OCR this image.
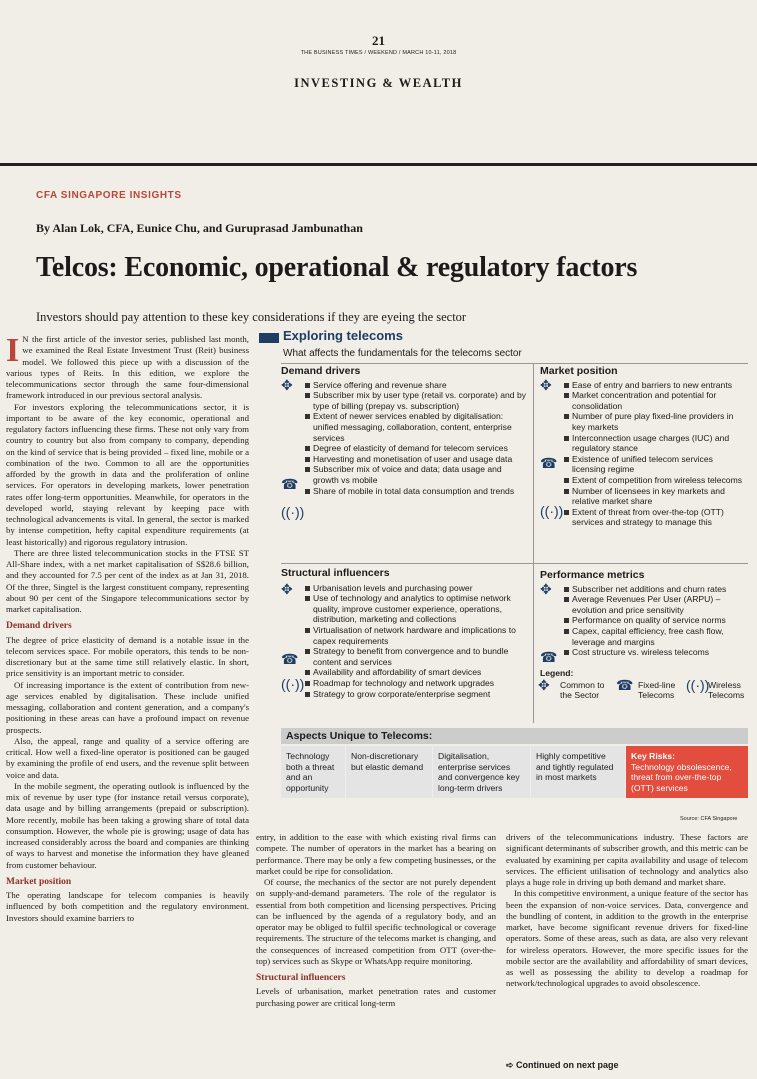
21
THE BUSINESS TIMES / WEEKEND / MARCH 10-11, 2018
INVESTING & WEALTH
CFA SINGAPORE INSIGHTS
By Alan Lok, CFA, Eunice Chu, and Guruprasad Jambunathan
Telcos: Economic, operational & regulatory factors
Investors should pay attention to these key considerations if they are eyeing the sector

I N the first article of the investor series, published last month, we examined the Real Estate Investment Trust (Reit) business model. We followed this piece up with a discussion of the various types of Reits. In this edition, we explore the telecommunications sector through the same four-dimensional framework introduced in our previous sectoral analysis.

For investors exploring the telecommunications sector, it is important to be aware of the key economic, operational and regulatory factors influencing these firms. These not only vary from country to country but also from company to company, depending on the kind of service that is being provided – fixed line, mobile or a combination of the two. Common to all are the opportunities afforded by the growth in data and the proliferation of online services. For operators in developing markets, lower penetration rates offer long-term opportunities. Meanwhile, for operators in the developed world, staying relevant by keeping pace with technological advancements is vital. In general, the sector is marked by intense competition, hefty capital expenditure requirements (at least historically) and rigorous regulatory intrusion.

There are three listed telecommunication stocks in the FTSE ST All-Share index, with a net market capitalisation of S$28.6 billion, and they accounted for 7.5 per cent of the index as at Jan 31, 2018. Of the three, Singtel is the largest constituent company, representing about 90 per cent of the Singapore telecommunications sector by market capitalisation.

Demand drivers

The degree of price elasticity of demand is a notable issue in the telecom services space. For mobile operators, this tends to be non-discretionary but at the same time still relatively elastic. In short, price sensitivity is an important metric to consider.

Of increasing importance is the extent of contribution from new-age services enabled by digitalisation. These include unified messaging, collaboration and content generation, and a company's positioning in these areas can have a profound impact on revenue prospects.

Also, the appeal, range and quality of a service offering are critical. How well a fixed-line operator is positioned can be gauged by examining the profile of end users, and the revenue split between voice and data.

In the mobile segment, the operating outlook is influenced by the mix of revenue by user type (for instance retail versus corporate), data usage and by billing arrangements (prepaid or subscription). More recently, mobile has been taking a growing share of total data consumption. However, the whole pie is growing; usage of data has increased considerably across the board and companies are thinking of ways to harvest and monetise the information they have gleaned from customer behaviour.

Market position

The operating landscape for telecom companies is heavily influenced by both competition and the regulatory environment. Investors should examine barriers to

entry, in addition to the ease with which existing rival firms can compete. The number of operators in the market has a bearing on performance. There may be only a few competing businesses, or the market could be ripe for consolidation.

Of course, the mechanics of the sector are not purely dependent on supply-and-demand parameters. The role of the regulator is essential from both competition and licensing perspectives. Pricing can be influenced by the agenda of a regulatory body, and an operator may be obliged to fulfil specific technological or coverage requirements. The structure of the telecoms market is changing, and the consequences of increased competition from OTT (over-the-top) services such as Skype or WhatsApp require monitoring.

Structural influencers

Levels of urbanisation, market penetration rates and customer purchasing power are critical long-term

drivers of the telecommunications industry. These factors are significant determinants of subscriber growth, and this metric can be evaluated by examining per capita availability and usage of telecom services. The efficient utilisation of technology and analytics also plays a huge role in driving up both demand and market share.

In this competitive environment, a unique feature of the sector has been the expansion of non-voice services. Data, convergence and the bundling of content, in addition to the growth in the enterprise market, have become significant revenue drivers for fixed-line operators. Some of these areas, such as data, are also very relevant for wireless operators. However, the more specific issues for the mobile sector are the availability and affordability of smart devices, as well as possessing the ability to develop a roadmap for network/technological upgrades to avoid obsolescence.

➪ Continued on next page
Exploring telecoms
What affects the fundamentals for the telecoms sector
Demand drivers
✥
☎
((·))
Service offering and revenue share
Subscriber mix by user type (retail vs. corporate) and by type of billing (prepay vs. subscription)
Extent of newer services enabled by digitalisation: unified messaging, collaboration, content, enterprise services
Degree of elasticity of demand for telecom services
Harvesting and monetisation of user and usage data
Subscriber mix of voice and data; data usage and growth vs mobile
Share of mobile in total data consumption and trends
Market position
✥
☎
((·))
Ease of entry and barriers to new entrants
Market concentration and potential for consolidation
Number of pure play fixed-line providers in key markets
Interconnection usage charges (IUC) and regulatory stance
Existence of unified telecom services licensing regime
Extent of competition from wireless telecoms
Number of licensees in key markets and relative market share
Extent of threat from over-the-top (OTT) services and strategy to manage this
Structural influencers
✥
☎
((·))
Urbanisation levels and purchasing power
Use of technology and analytics to optimise network quality, improve customer experience, operations, distribution, marketing and collections
Virtualisation of network hardware and implications to capex requirements
Strategy to benefit from convergence and to bundle content and services
Availability and affordability of smart devices
Roadmap for technology and network upgrades
Strategy to grow corporate/enterprise segment
Performance metrics
✥
☎
Subscriber net additions and churn rates
Average Revenues Per User (ARPU) – evolution and price sensitivity
Performance on quality of service norms
Capex, capital efficiency, free cash flow, leverage and margins
Cost structure vs. wireless telecoms
Legend:
✥ Common to the Sector
☎ Fixed-line Telecoms
((·))
Wireless Telecoms
Aspects Unique to Telecoms:
Technology both a threat and an opportunity
Non-discretionary but elastic demand
Digitalisation, enterprise services and convergence key long-term drivers
Highly competitive and tightly regulated in most markets
Key Risks:
Technology obsolescence, threat from over-the-top (OTT) services
Source: CFA Singapore
